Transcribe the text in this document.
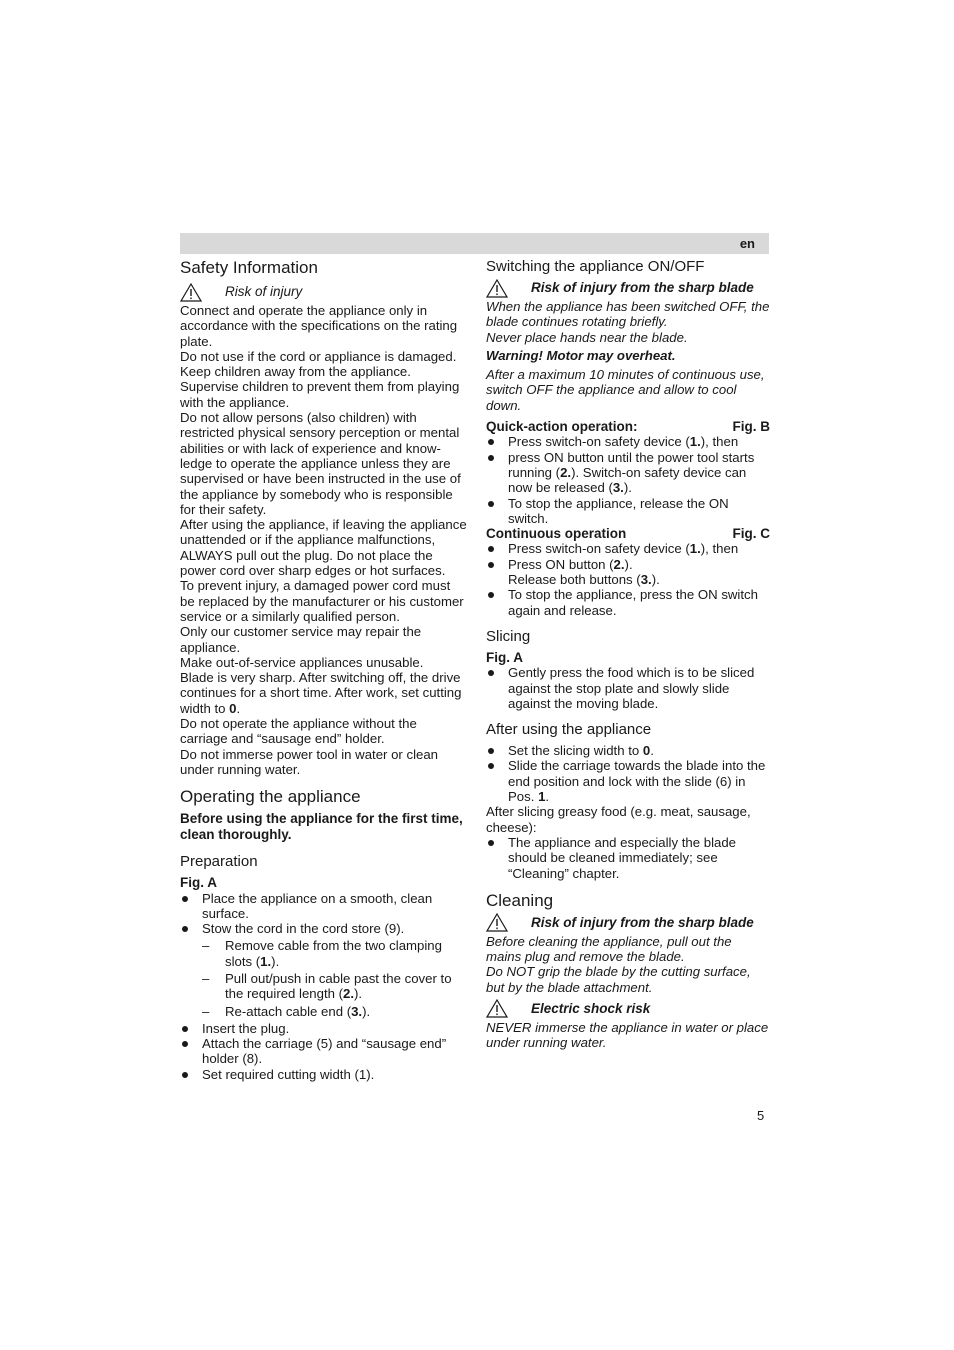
en
Safety Information
Risk of injury

Connect and operate the appliance only in accordance with the specifications on the rating plate.

Do not use if the cord or appliance is damaged.

Keep children away from the appliance.

Supervise children to prevent them from playing with the appliance.

Do not allow persons (also children) with restricted physical sensory perception or mental abilities or with lack of experience and know-ledge to operate the appliance unless they are supervised or have been instructed in the use of the appliance by somebody who is responsible for their safety.

After using the appliance, if leaving the appliance unattended or if the appliance malfunctions, ALWAYS pull out the plug. Do not place the power cord over sharp edges or hot surfaces.

To prevent injury, a damaged power cord must be replaced by the manufacturer or his customer service or a similarly qualified person.

Only our customer service may repair the appliance.

Make out-of-service appliances unusable.

Blade is very sharp. After switching off, the drive continues for a short time. After work, set cutting width to 0.

Do not operate the appliance without the carriage and “sausage end” holder.

Do not immerse power tool in water or clean under running water.

Operating the appliance
Before using the appliance for the first time, clean thoroughly.
Preparation
Fig. A
Place the appliance on a smooth, clean surface.
Stow the cord in the cord store (9).
– Remove cable from the two clamping slots (1.).
– Pull out/push in cable past the cover to the required length (2.).
– Re-attach cable end (3.).
Insert the plug.
Attach the carriage (5) and “sausage end” holder (8).
Set required cutting width (1).
Switching the appliance ON/OFF
Risk of injury from the sharp blade

When the appliance has been switched OFF, the blade continues rotating briefly.

Never place hands near the blade.

Warning! Motor may overheat.

After a maximum 10 minutes of continuous use, switch OFF the appliance and allow to cool down.

Quick-action operation:	Fig. B
Press switch-on safety device (1.), then
press ON button until the power tool starts running (2.). Switch-on safety device can now be released (3.).
To stop the appliance, release the ON switch.
Continuous operation	Fig. C
Press switch-on safety device (1.), then
Press ON button (2.).
Release both buttons (3.).
To stop the appliance, press the ON switch again and release.
Slicing
Fig. A
Gently press the food which is to be sliced against the stop plate and slowly slide against the moving blade.
After using the appliance
Set the slicing width to 0.
Slide the carriage towards the blade into the end position and lock with the slide (6) in Pos. 1.

After slicing greasy food (e.g. meat, sausage, cheese):

The appliance and especially the blade should be cleaned immediately; see “Cleaning” chapter.
Cleaning
Risk of injury from the sharp blade

Before cleaning the appliance, pull out the mains plug and remove the blade.

Do NOT grip the blade by the cutting surface, but by the blade attachment.

Electric shock risk

NEVER immerse the appliance in water or place under running water.

5
